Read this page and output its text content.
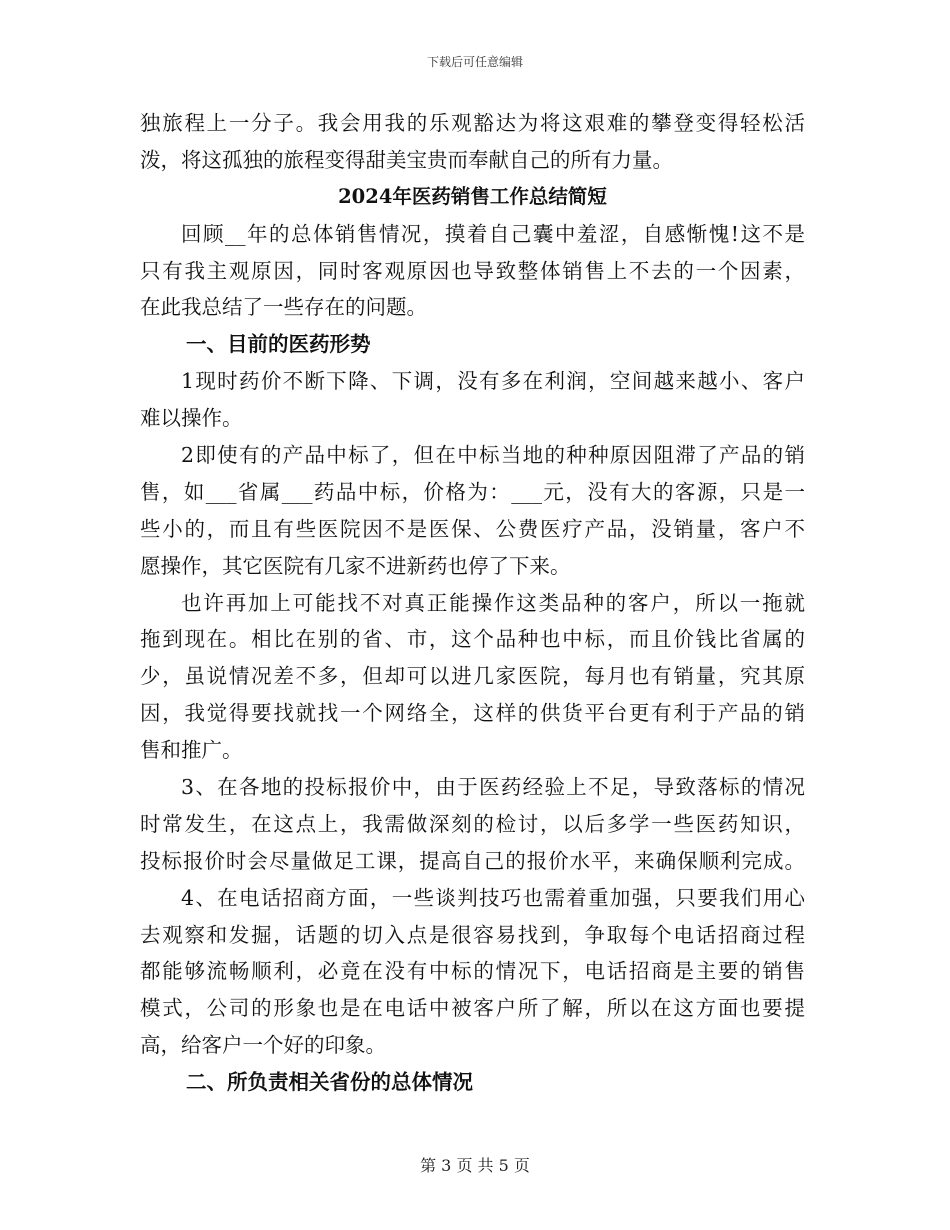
下载后可任意编辑
独旅程上一分子。我会用我的乐观豁达为将这艰难的攀登变得轻松活
泼，将这孤独的旅程变得甜美宝贵而奉献自己的所有力量。
2024年医药销售工作总结简短
回顾__年的总体销售情况，摸着自己囊中羞涩，自感惭愧!这不是
只有我主观原因，同时客观原因也导致整体销售上不去的一个因素，
在此我总结了一些存在的问题。
一、目前的医药形势
1现时药价不断下降、下调，没有多在利润，空间越来越小、客户
难以操作。
2即使有的产品中标了，但在中标当地的种种原因阻滞了产品的销
售，如___省属___药品中标，价格为：___元，没有大的客源，只是一
些小的，而且有些医院因不是医保、公费医疗产品，没销量，客户不
愿操作，其它医院有几家不进新药也停了下来。
也许再加上可能找不对真正能操作这类品种的客户，所以一拖就
拖到现在。相比在别的省、市，这个品种也中标，而且价钱比省属的
少，虽说情况差不多，但却可以进几家医院，每月也有销量，究其原
因，我觉得要找就找一个网络全，这样的供货平台更有利于产品的销
售和推广。
3、在各地的投标报价中，由于医药经验上不足，导致落标的情况
时常发生，在这点上，我需做深刻的检讨，以后多学一些医药知识，
投标报价时会尽量做足工课，提高自己的报价水平，来确保顺利完成。
4、在电话招商方面，一些谈判技巧也需着重加强，只要我们用心
去观察和发掘，话题的切入点是很容易找到，争取每个电话招商过程
都能够流畅顺利，必竟在没有中标的情况下，电话招商是主要的销售
模式，公司的形象也是在电话中被客户所了解，所以在这方面也要提
高，给客户一个好的印象。
二、所负责相关省份的总体情况
第 3 页 共 5 页
